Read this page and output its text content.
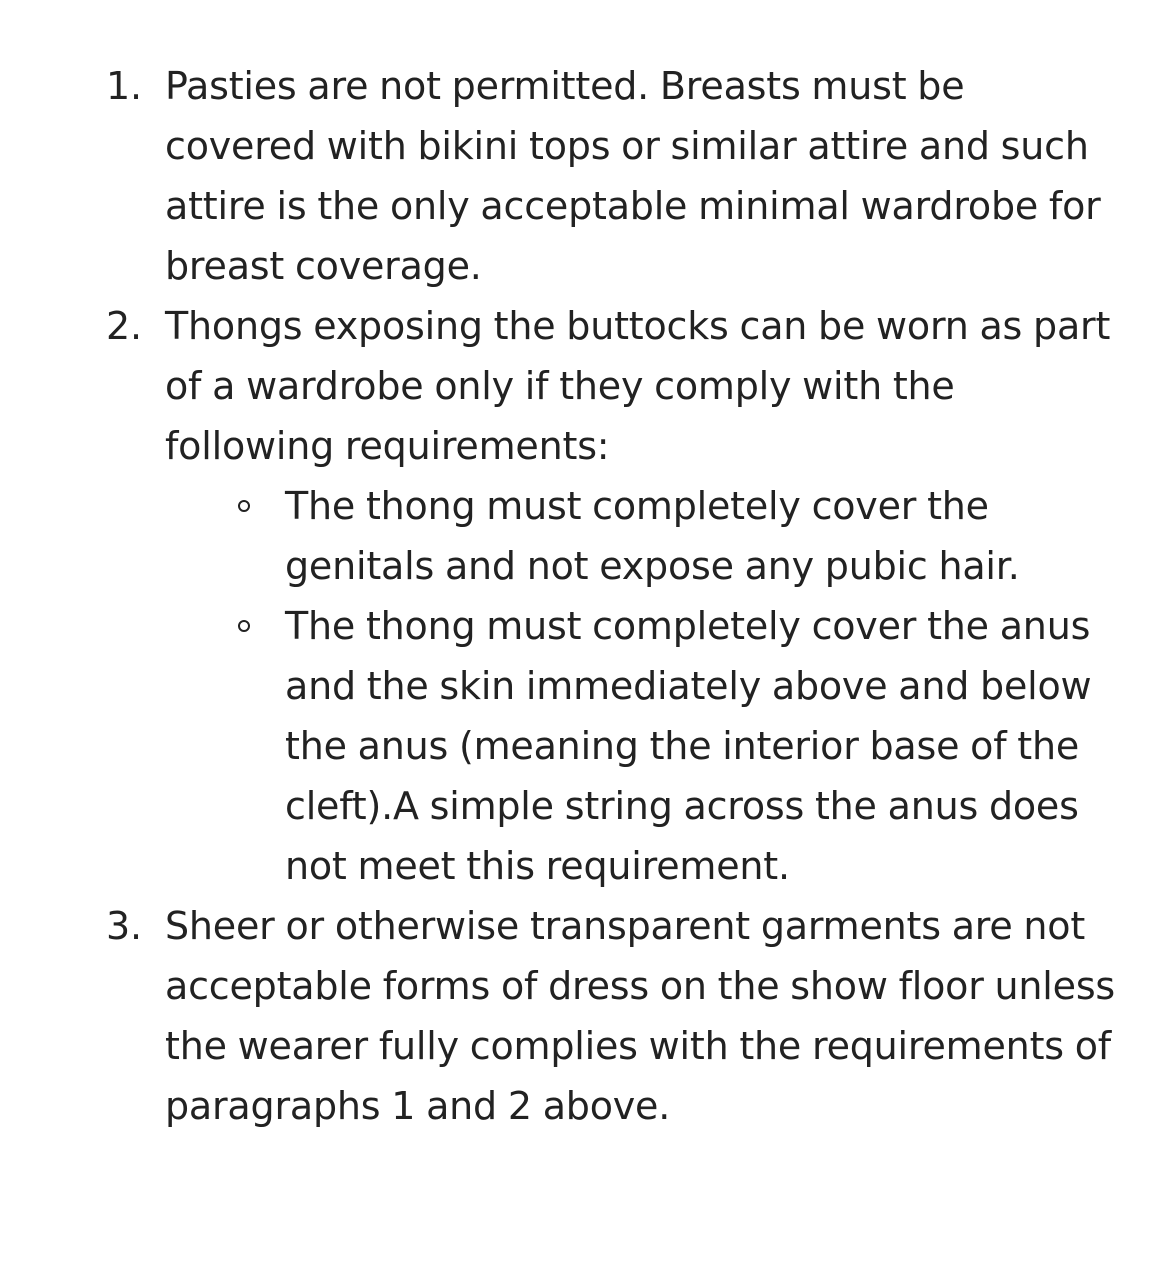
1. Pasties are not permitted. Breasts must be covered with bikini tops or similar attire and such attire is the only acceptable minimal wardrobe for breast coverage.
2. Thongs exposing the buttocks can be worn as part of a wardrobe only if they comply with the following requirements:
The thong must completely cover the genitals and not expose any pubic hair.
The thong must completely cover the anus and the skin immediately above and below the anus (meaning the interior base of the cleft).A simple string across the anus does not meet this requirement.
3. Sheer or otherwise transparent garments are not acceptable forms of dress on the show floor unless the wearer fully complies with the requirements of paragraphs 1 and 2 above.
